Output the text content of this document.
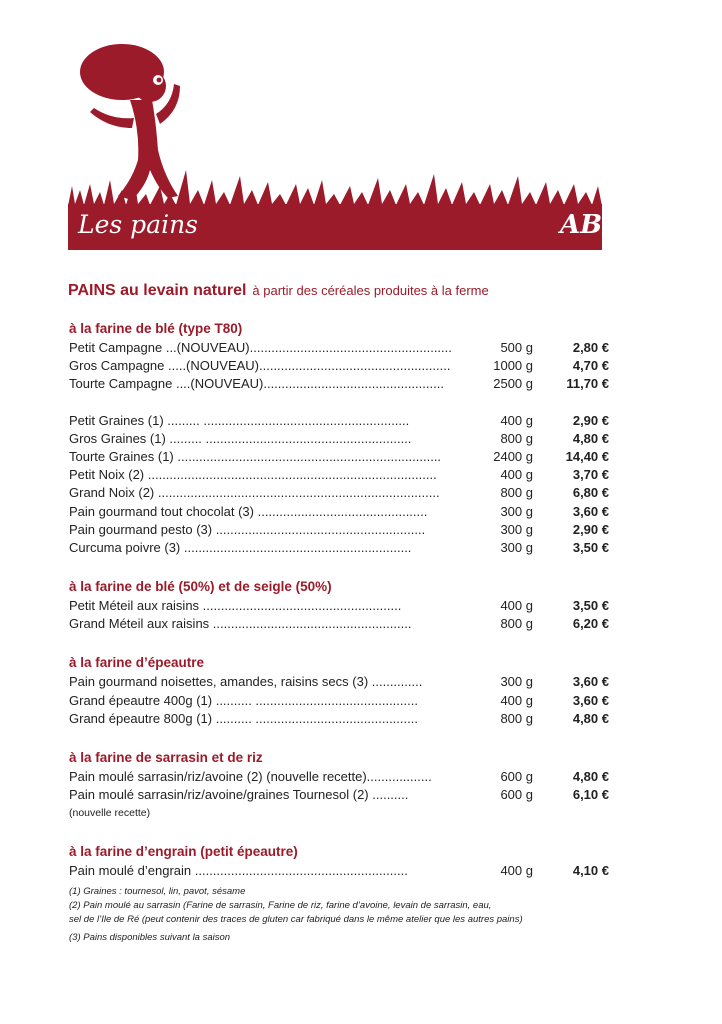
Les pains	AB
PAINS au levain naturel à partir des céréales produites à la ferme
à la farine de blé (type T80)
Petit Campagne ...(NOUVEAU)........................................................	500 g	2,80 €
Gros Campagne .....(NOUVEAU).....................................................	1000 g	4,70 €
Tourte Campagne ....(NOUVEAU)..................................................	2500 g	11,70 €
Petit Graines (1) ......... .........................................................	400 g	2,90 €
Gros Graines (1) ......... .........................................................	800 g	4,80 €
Tourte Graines (1) .........................................................................	2400 g	14,40 €
Petit Noix (2) ................................................................................	400 g	3,70 €
Grand Noix (2) ..............................................................................	800 g	6,80 €
Pain gourmand tout chocolat (3) ...............................................	300 g	3,60 €
Pain gourmand pesto (3) ..........................................................	300 g	2,90 €
Curcuma poivre (3) ...............................................................	300 g	3,50 €
à la farine de blé (50%) et de seigle (50%)
Petit Méteil aux raisins .......................................................	400 g	3,50 €
Grand Méteil aux raisins .......................................................	800 g	6,20 €
à la farine d’épeautre
Pain gourmand noisettes, amandes, raisins secs (3) ..............	300 g	3,60 €
Grand épeautre 400g (1) .......... .............................................	400 g	3,60 €
Grand épeautre 800g (1) .......... .............................................	800 g	4,80 €
à la farine de sarrasin et de riz
Pain moulé sarrasin/riz/avoine (2) (nouvelle recette)..................	600 g	4,80 €
Pain moulé sarrasin/riz/avoine/graines Tournesol (2) ..........	600 g	6,10 €
(nouvelle recette)
à la farine d’engrain (petit épeautre)
Pain moulé d’engrain ...........................................................	400 g	4,10 €
(1) Graines : tournesol, lin, pavot, sésame
(2) Pain moulé au sarrasin (Farine de sarrasin, Farine de riz, farine d’avoine, levain de sarrasin, eau,
sel de l’Ile de Ré (peut contenir des traces de gluten car fabriqué dans le même atelier que les autres pains)
(3) Pains disponibles suivant la saison
